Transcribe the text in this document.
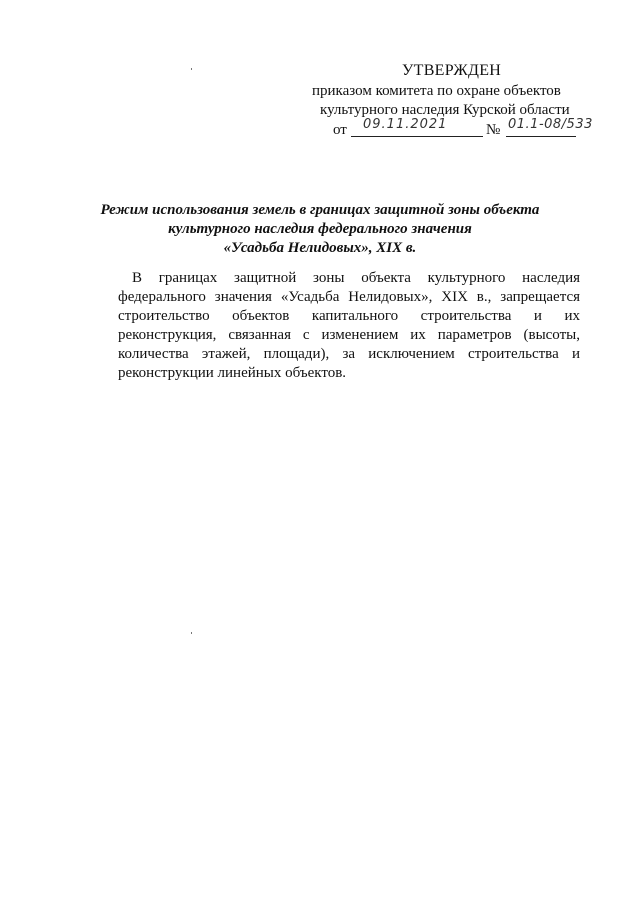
УТВЕРЖДЕН
приказом комитета по охране объектов
культурного наследия Курской области
от 09.11.2021	№ 01.1-08/533
Режим использования земель в границах защитной зоны объекта
культурного наследия федерального значения
«Усадьба Нелидовых», XIX в.

В границах защитной зоны объекта культурного наследия федерального значения «Усадьба Нелидовых», XIX в., запрещается строительство объектов капитального строительства и их реконструкция, связанная с изменением их параметров (высоты, количества этажей, площади), за исключением строительства и реконструкции линейных объектов.
